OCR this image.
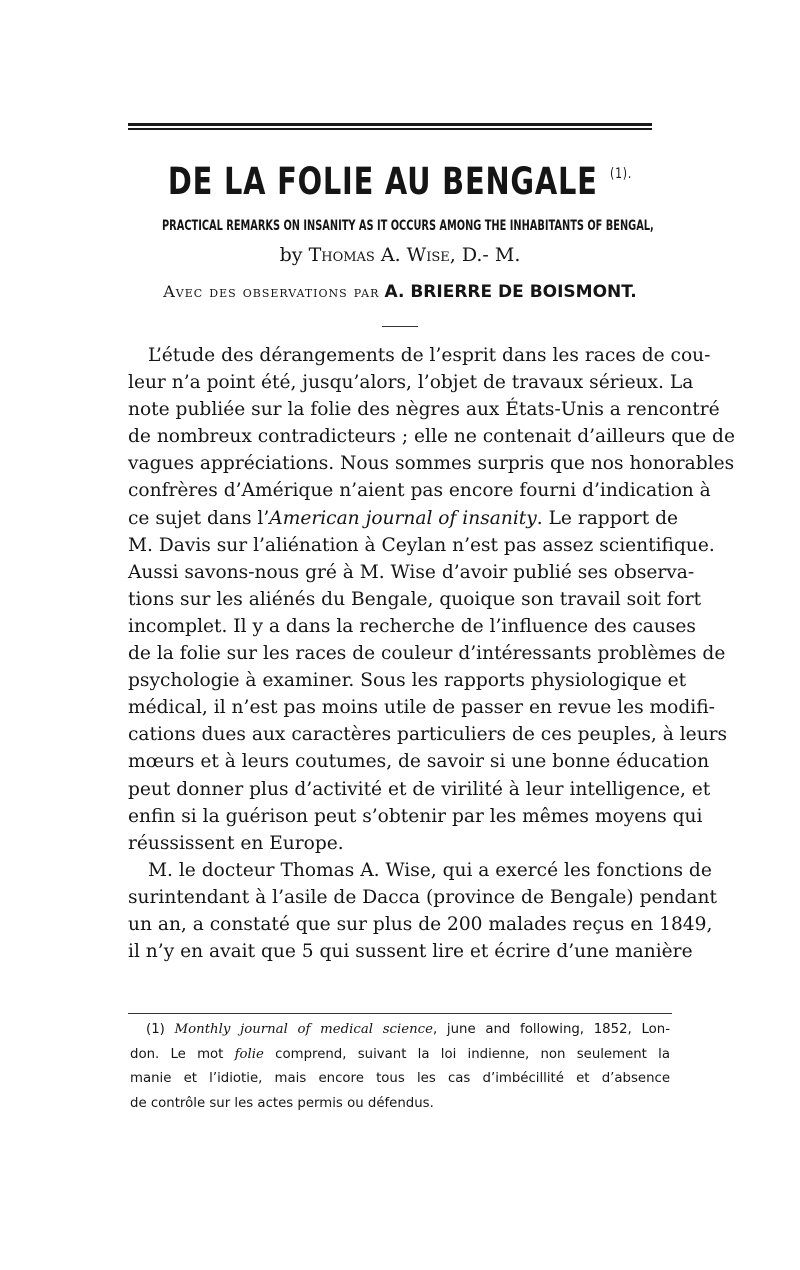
DE LA FOLIE AU BENGALE $^{(1).}$
PRACTICAL REMARKS ON INSANITY AS IT OCCURS AMONG THE INHABITANTS OF BENGAL,
by Thomas A. Wise, D.- M.
Avec des observations par A. BRIERRE DE BOISMONT.
L’étude des dérangements de l’esprit dans les races de cou-
leur n’a point été, jusqu’alors, l’objet de travaux sérieux. La
note publiée sur la folie des nègres aux États-Unis a rencontré
de nombreux contradicteurs ; elle ne contenait d’ailleurs que de
vagues appréciations. Nous sommes surpris que nos honorables
confrères d’Amérique n’aient pas encore fourni d’indication à
ce sujet dans l’American journal of insanity. Le rapport de
M. Davis sur l’aliénation à Ceylan n’est pas assez scientifique.
Aussi savons-nous gré à M. Wise d’avoir publié ses observa-
tions sur les aliénés du Bengale, quoique son travail soit fort
incomplet. Il y a dans la recherche de l’influence des causes
de la folie sur les races de couleur d’intéressants problèmes de
psychologie à examiner. Sous les rapports physiologique et
médical, il n’est pas moins utile de passer en revue les modifi-
cations dues aux caractères particuliers de ces peuples, à leurs
mœurs et à leurs coutumes, de savoir si une bonne éducation
peut donner plus d’activité et de virilité à leur intelligence, et
enfin si la guérison peut s’obtenir par les mêmes moyens qui
réussissent en Europe.
M. le docteur Thomas A. Wise, qui a exercé les fonctions de
surintendant à l’asile de Dacca (province de Bengale) pendant
un an, a constaté que sur plus de 200 malades reçus en 1849,
il n’y en avait que 5 qui sussent lire et écrire d’une manière
(1) Monthly journal of medical science, june and following, 1852, Lon-
don. Le mot folie comprend, suivant la loi indienne, non seulement la
manie et l’idiotie, mais encore tous les cas d’imbécillité et d’absence
de contrôle sur les actes permis ou défendus.
